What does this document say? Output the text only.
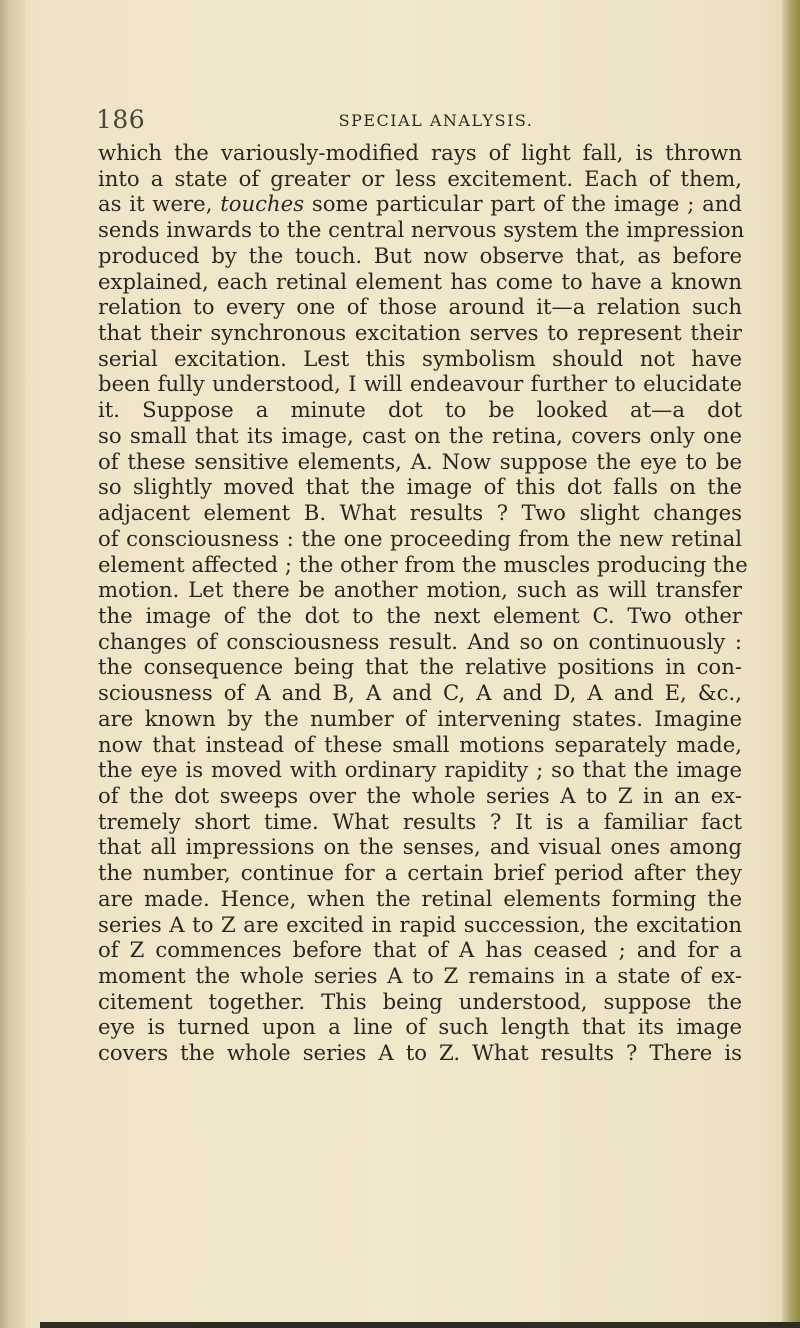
186	SPECIAL ANALYSIS.
which the variously-modified rays of light fall, is thrown
into a state of greater or less excitement. Each of them,
as it were, touches some particular part of the image ; and
sends inwards to the central nervous system the impression
produced by the touch. But now observe that, as before
explained, each retinal element has come to have a known
relation to every one of those around it—a relation such
that their synchronous excitation serves to represent their
serial excitation. Lest this symbolism should not have
been fully understood, I will endeavour further to elucidate
it. Suppose a minute dot to be looked at—a dot
so small that its image, cast on the retina, covers only one
of these sensitive elements, A. Now suppose the eye to be
so slightly moved that the image of this dot falls on the
adjacent element B. What results ? Two slight changes
of consciousness : the one proceeding from the new retinal
element affected ; the other from the muscles producing the
motion. Let there be another motion, such as will transfer
the image of the dot to the next element C. Two other
changes of consciousness result. And so on continuously :
the consequence being that the relative positions in con-
sciousness of A and B, A and C, A and D, A and E, &c.,
are known by the number of intervening states. Imagine
now that instead of these small motions separately made,
the eye is moved with ordinary rapidity ; so that the image
of the dot sweeps over the whole series A to Z in an ex-
tremely short time. What results ? It is a familiar fact
that all impressions on the senses, and visual ones among
the number, continue for a certain brief period after they
are made. Hence, when the retinal elements forming the
series A to Z are excited in rapid succession, the excitation
of Z commences before that of A has ceased ; and for a
moment the whole series A to Z remains in a state of ex-
citement together. This being understood, suppose the
eye is turned upon a line of such length that its image
covers the whole series A to Z. What results ? There is
